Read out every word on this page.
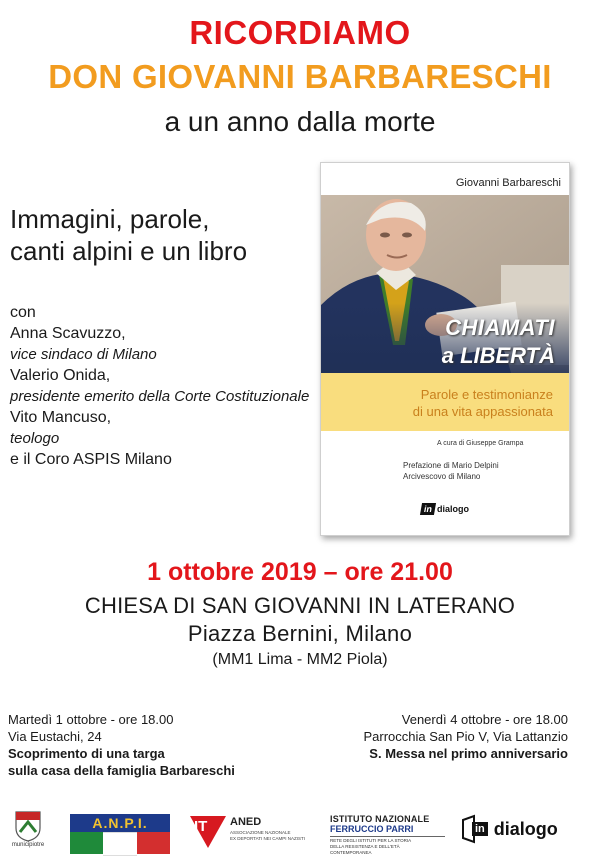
RICORDIAMO
DON GIOVANNI BARBARESCHI
a un anno dalla morte
Immagini, parole,
canti alpini e un libro
con
Anna Scavuzzo,
vice sindaco di Milano
Valerio Onida,
presidente emerito della Corte Costituzionale
Vito Mancuso,
teologo
e il Coro ASPIS Milano
Giovanni Barbareschi
CHIAMATI
a LIBERTÀ
Parole e testimonianze
di una vita appassionata
A cura di Giuseppe Grampa
Prefazione di Mario Delpini
Arcivescovo di Milano
in dialogo
1 ottobre 2019 – ore 21.00
CHIESA DI SAN GIOVANNI IN LATERANO
Piazza Bernini, Milano
(MM1 Lima - MM2 Piola)
Martedì 1 ottobre - ore 18.00
Via Eustachi, 24
Scoprimento di una targa
sulla casa della famiglia Barbareschi
Venerdì 4 ottobre - ore 18.00
Parrocchia San Pio V, Via Lattanzio
S. Messa nel primo anniversario
municipiotre
A.N.P.I.	IT ANED
ASSOCIAZIONE NAZIONALE
EX DEPORTATI NEI CAMPI NAZISTI
ISTITUTO NAZIONALE
FERRUCCIO PARRI
RETE DEGLI ISTITUTI PER LA STORIA
DELLA RESISTENZA E DELL'ETÀ
CONTEMPORANEA
in dialogo
